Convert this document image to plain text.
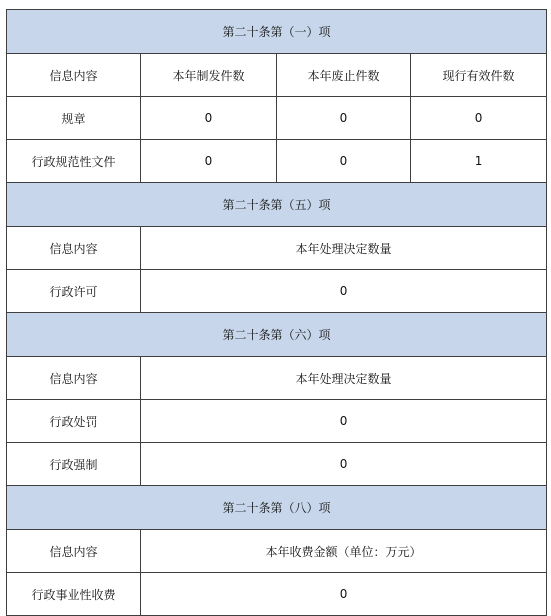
第二十条第（一）项			
信息内容	本年制发件数	本年废止件数	现行有效件数
规章	0	0	0
行政规范性文件	0	0	1
第二十条第（五）项			
信息内容	本年处理决定数量		
行政许可	0		
第二十条第（六）项			
信息内容	本年处理决定数量		
行政处罚	0		
行政强制	0		
第二十条第（八）项			
信息内容	本年收费金额（单位：万元）		
行政事业性收费	0		
